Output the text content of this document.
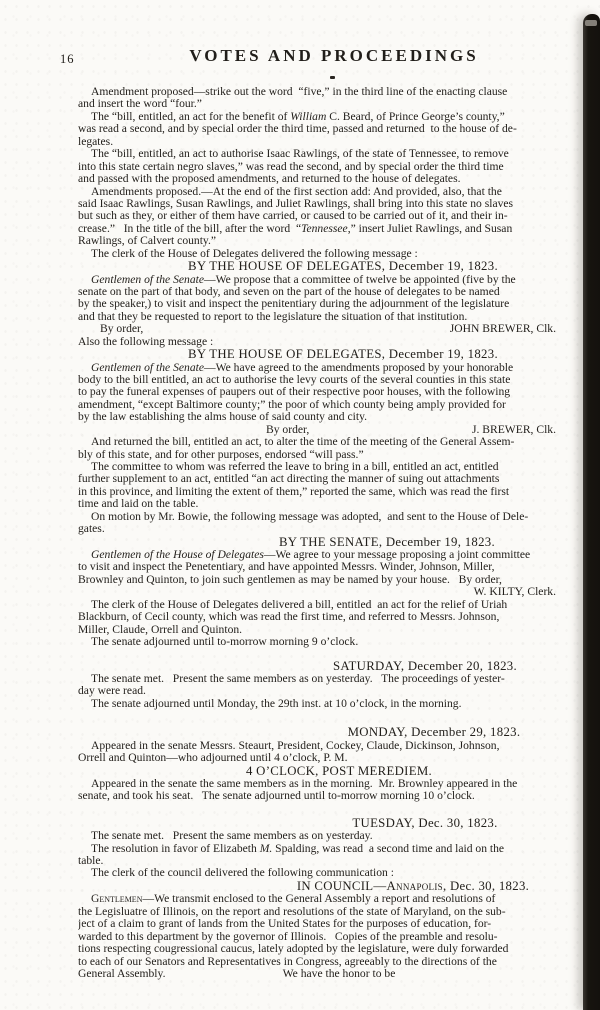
16	VOTES AND PROCEEDINGS
Amendment proposed—strike out the word  “five,” in the third line of the enacting clause
and insert the word “four.”
The “bill, entitled, an act for the benefit of William C. Beard, of Prince George’s county,”
was read a second, and by special order the third time, passed and returned  to the house of de-
legates.
The “bill, entitled, an act to authorise Isaac Rawlings, of the state of Tennessee, to remove
into this state certain negro slaves,” was read the second, and by special order the third time
and passed with the proposed amendments, and returned to the house of delegates.
Amendments proposed.—At the end of the first section add: And provided, also, that the
said Isaac Rawlings, Susan Rawlings, and Juliet Rawlings, shall bring into this state no slaves
but such as they, or either of them have carried, or caused to be carried out of it, and their in-
crease.”   In the title of the bill, after the word  “Tennessee,” insert Juliet Rawlings, and Susan
Rawlings, of Calvert county.”
The clerk of the House of Delegates delivered the following message :
BY THE HOUSE OF DELEGATES, December 19, 1823.
Gentlemen of the Senate—We propose that a committee of twelve be appointed (five by the
senate on the part of that body, and seven on the part of the house of delegates to be named
by the speaker,) to visit and inspect the penitentiary during the adjournment of the legislature
and that they be requested to report to the legislature the situation of that institution.
By order,	JOHN BREWER, Clk.
Also the following message :
BY THE HOUSE OF DELEGATES, December 19, 1823.
Gentlemen of the Senate—We have agreed to the amendments proposed by your honorable
body to the bill entitled, an act to authorise the levy courts of the several counties in this state
to pay the funeral expenses of paupers out of their respective poor houses, with the following
amendment, “except Baltimore county;” the poor of which county being amply provided for
by the law establishing the alms house of said county and city.
By order,	J. BREWER, Clk.
And returned the bill, entitled an act, to alter the time of the meeting of the General Assem-
bly of this state, and for other purposes, endorsed “will pass.”
The committee to whom was referred the leave to bring in a bill, entitled an act, entitled
further supplement to an act, entitled “an act directing the manner of suing out attachments
in this province, and limiting the extent of them,” reported the same, which was read the first
time and laid on the table.
On motion by Mr. Bowie, the following message was adopted,  and sent to the House of Dele-
gates.
BY THE SENATE, December 19, 1823.
Gentlemen of the House of Delegates—We agree to your message proposing a joint committee
to visit and inspect the Penetentiary, and have appointed Messrs. Winder, Johnson, Miller,
Brownley and Quinton, to join such gentlemen as may be named by your house.   By order,
W. KILTY, Clerk.
The clerk of the House of Delegates delivered a bill, entitled  an act for the relief of Uriah
Blackburn, of Cecil county, which was read the first time, and referred to Messrs. Johnson,
Miller, Claude, Orrell and Quinton.
The senate adjourned until to-morrow morning 9 o’clock.
SATURDAY, December 20, 1823.
The senate met.   Present the same members as on yesterday.   The proceedings of yester-
day were read.
The senate adjourned until Monday, the 29th inst. at 10 o’clock, in the morning.
MONDAY, December 29, 1823.
Appeared in the senate Messrs. Steaurt, President, Cockey, Claude, Dickinson, Johnson,
Orrell and Quinton—who adjourned until 4 o’clock, P. M.
4 O’CLOCK, POST MEREDIEM.
Appeared in the senate the same members as in the morning.  Mr. Brownley appeared in the
senate, and took his seat.   The senate adjourned until to-morrow morning 10 o’clock.
TUESDAY, Dec. 30, 1823.
The senate met.   Present the same members as on yesterday.
The resolution in favor of Elizabeth M. Spalding, was read  a second time and laid on the
table.
The clerk of the council delivered the following communication :
IN COUNCIL—Annapolis, Dec. 30, 1823.
Gentlemen—We transmit enclosed to the General Assembly a report and resolutions of
the Legisluatre of Illinois, on the report and resolutions of the state of Maryland, on the sub-
ject of a claim to grant of lands from the United States for the purposes of education, for-
warded to this department by the governor of Illinois.   Copies of the preamble and resolu-
tions respecting cougressional caucus, lately adopted by the legislature, were duly forwarded
to each of our Senators and Representatives in Congress, agreeably to the directions of the
General Assembly.	We have the honor to be
